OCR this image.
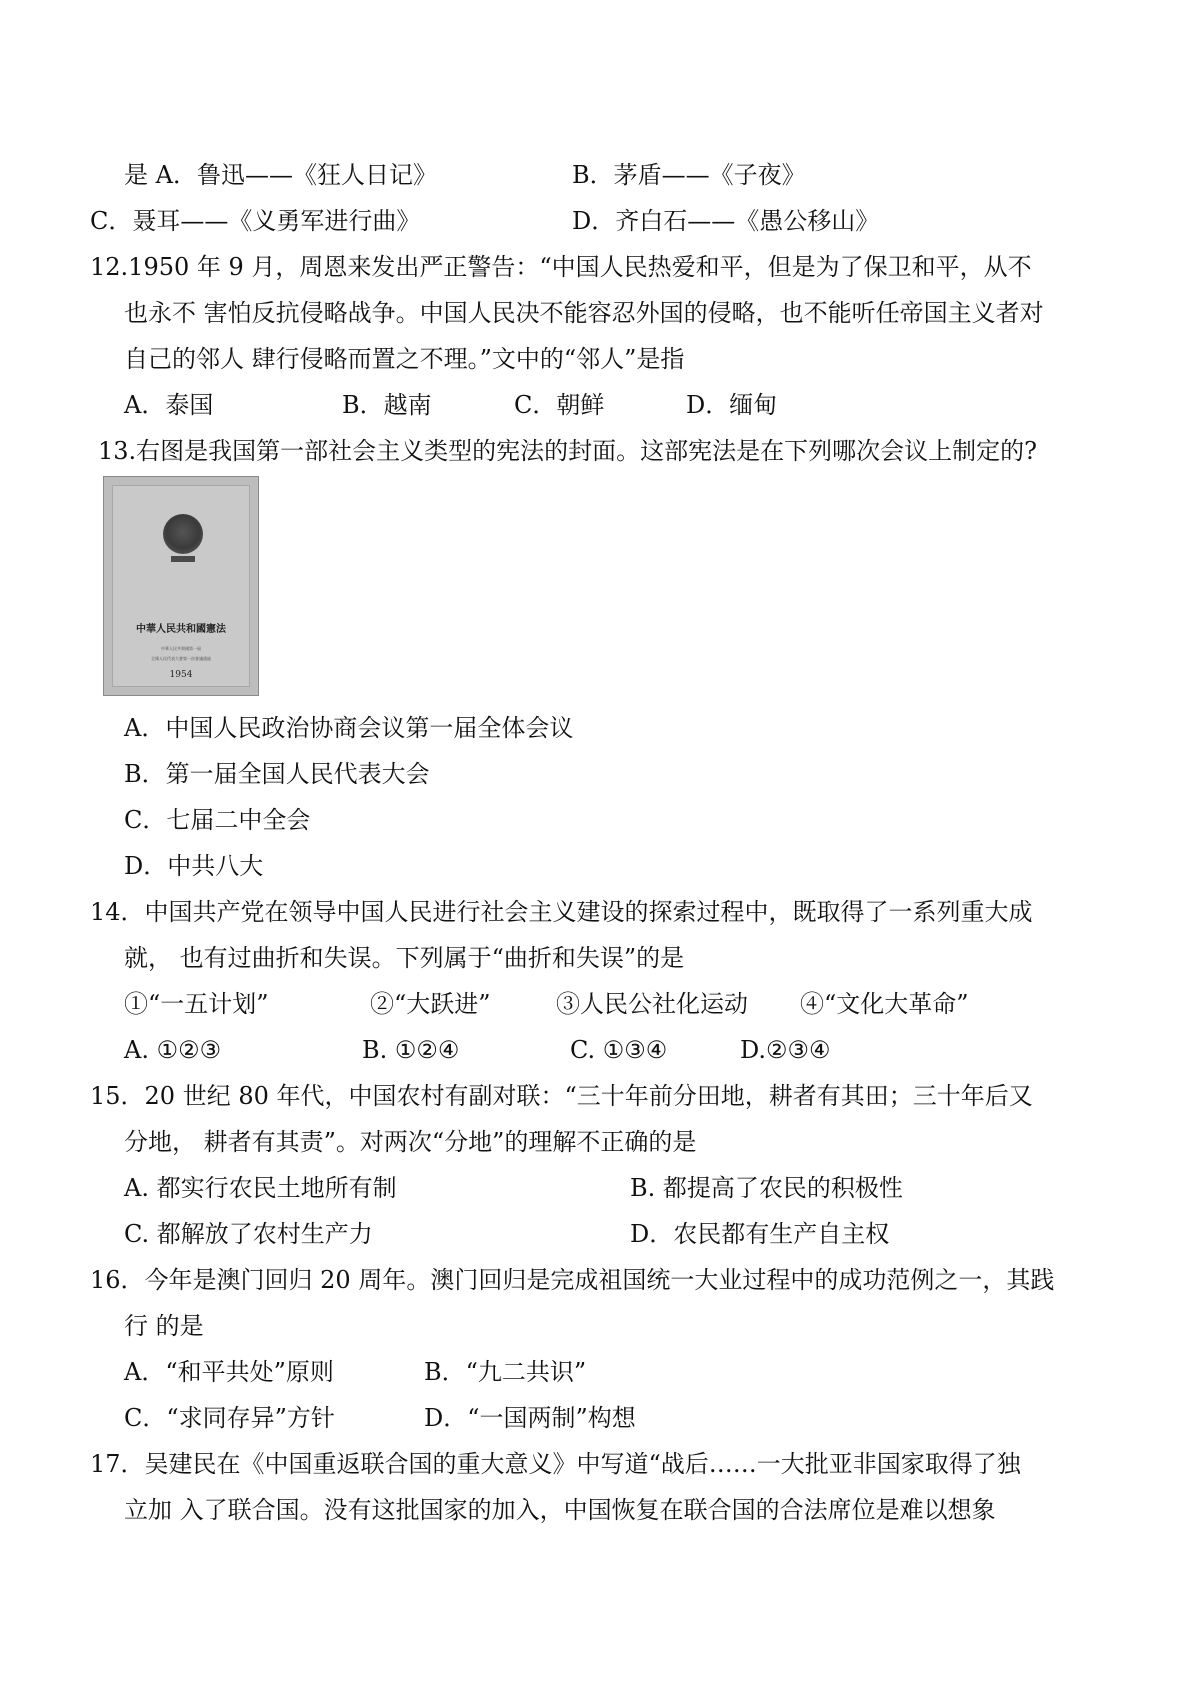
是 A．鲁迅——《狂人日记》	B．茅盾——《子夜》
C．聂耳——《义勇军进行曲》	D．齐白石——《愚公移山》
12.1950 年 9 月，周恩来发出严正警告：“中国人民热爱和平，但是为了保卫和平，从不
也永不 害怕反抗侵略战争。中国人民决不能容忍外国的侵略，也不能听任帝国主义者对
自己的邻人 肆行侵略而置之不理。”文中的“邻人”是指
A．泰国	B．越南	C．朝鲜	D．缅甸
13.右图是我国第一部社会主义类型的宪法的封面。这部宪法是在下列哪次会议上制定的?
中華人民共和國憲法
中華人民共和國第一屆
全國人民代表大會第一次會議通過
1954
A．中国人民政治协商会议第一届全体会议
B．第一届全国人民代表大会
C．七届二中全会
D．中共八大
14．中国共产党在领导中国人民进行社会主义建设的探索过程中，既取得了一系列重大成
就， 也有过曲折和失误。下列属于“曲折和失误”的是
①“一五计划”	②“大跃进”	③人民公社化运动 ④“文化大革命”
A. ①②③	B. ①②④	C. ①③④	D.②③④
15．20 世纪 80 年代，中国农村有副对联：“三十年前分田地，耕者有其田；三十年后又
分地， 耕者有其责”。对两次“分地”的理解不正确的是
A. 都实行农民土地所有制	B. 都提高了农民的积极性
C. 都解放了农村生产力	D．农民都有生产自主权
16．今年是澳门回归 20 周年。澳门回归是完成祖国统一大业过程中的成功范例之一，其践
行 的是
A．“和平共处”原则	B．“九二共识”
C．“求同存异”方针	D．“一国两制”构想
17．吴建民在《中国重返联合国的重大意义》中写道“战后……一大批亚非国家取得了独
立加 入了联合国。没有这批国家的加入，中国恢复在联合国的合法席位是难以想象
